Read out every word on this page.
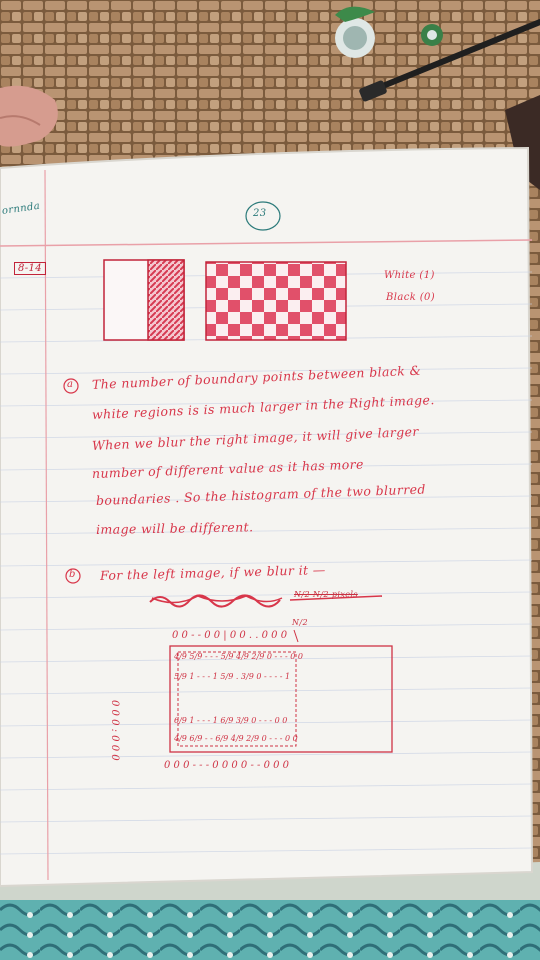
ornnda	23
8-14
White (1)
Black (0)
a The number of boundary points between black &
white regions is is much larger in the Right image.
When we blur the right image, it will give larger
number of different value as it has more
boundaries . So the histogram of the two blurred
image will be different.
b For the left image, if we blur it —
N/2 N/2 pixels
N/2
0 0 - - 0 0 | 0 0 . . 0 0 0
4/9 5/9 - - - 5/9 4/9 2/9 0 - - - 0 0
5/9 1 - - - 1 5/9 . 3/9 0 - - - - 1
6/9 1 - - - 1 6/9 3/9 0 - - - 0 0
4/9 6/9 - - 6/9 4/9 2/9 0 - - - 0 0
0 0 0 - - - 0 0 0 0 - - 0 0 0
0 0 0 : 0 0 0
